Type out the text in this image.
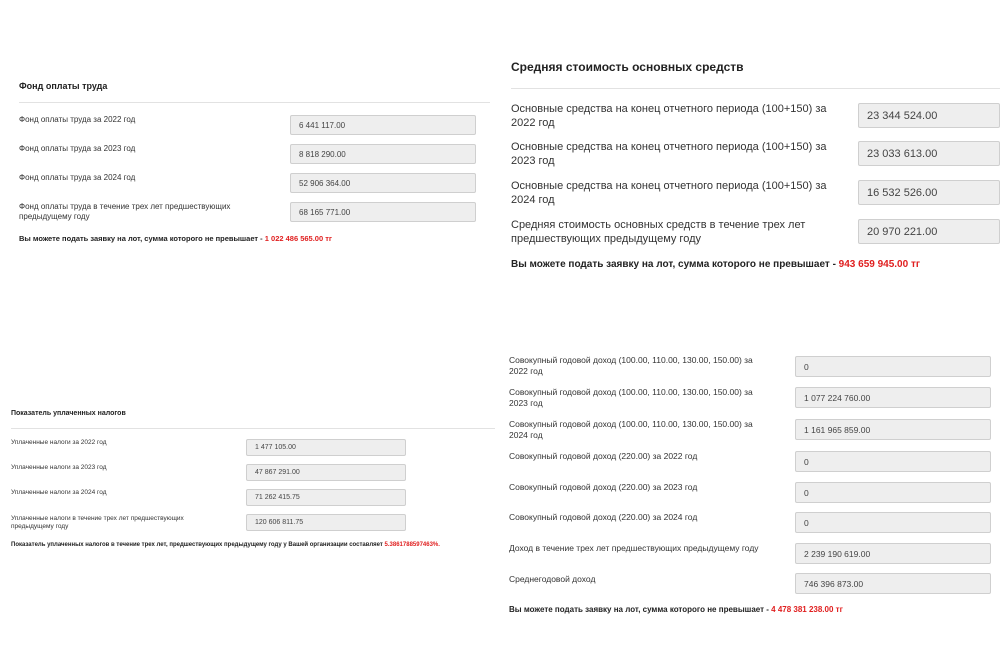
Фонд оплаты труда
Фонд оплаты труда за 2022 год
6 441 117.00
Фонд оплаты труда за 2023 год
8 818 290.00
Фонд оплаты труда за 2024 год
52 906 364.00
Фонд оплаты труда в течение трех лет предшествующих предыдущему году	68 165 771.00
Вы можете подать заявку на лот, сумма которого не превышает - 1 022 486 565.00 тг
Средняя стоимость основных средств
Основные средства на конец отчетного периода (100+150) за 2022 год
23 344 524.00
Основные средства на конец отчетного периода (100+150) за 2023 год
23 033 613.00
Основные средства на конец отчетного периода (100+150) за 2024 год
16 532 526.00
Средняя стоимость основных средств в течение трех лет предшествующих предыдущему году
20 970 221.00
Вы можете подать заявку на лот, сумма которого не превышает - 943 659 945.00 тг
Показатель уплаченных налогов
Уплаченные налоги за 2022 год
1 477 105.00
Уплаченные налоги за 2023 год
47 867 291.00
Уплаченные налоги за 2024 год
71 262 415.75
Уплаченные налоги в течение трех лет предшествующих предыдущему году
120 606 811.75
Показатель уплаченных налогов в течение трех лет, предшествующих предыдущему году у Вашей организации составляет 5.3861788597463%.
Совокупный годовой доход (100.00, 110.00, 130.00, 150.00) за 2022 год	0
Совокупный годовой доход (100.00, 110.00, 130.00, 150.00) за 2023 год
1 077 224 760.00
Совокупный годовой доход (100.00, 110.00, 130.00, 150.00) за 2024 год
1 161 965 859.00
Совокупный годовой доход (220.00) за 2022 год
0
Совокупный годовой доход (220.00) за 2023 год
0
Совокупный годовой доход (220.00) за 2024 год
0
Доход в течение трех лет предшествующих предыдущему году
2 239 190 619.00
Среднегодовой доход	746 396 873.00
Вы можете подать заявку на лот, сумма которого не превышает - 4 478 381 238.00 тг
